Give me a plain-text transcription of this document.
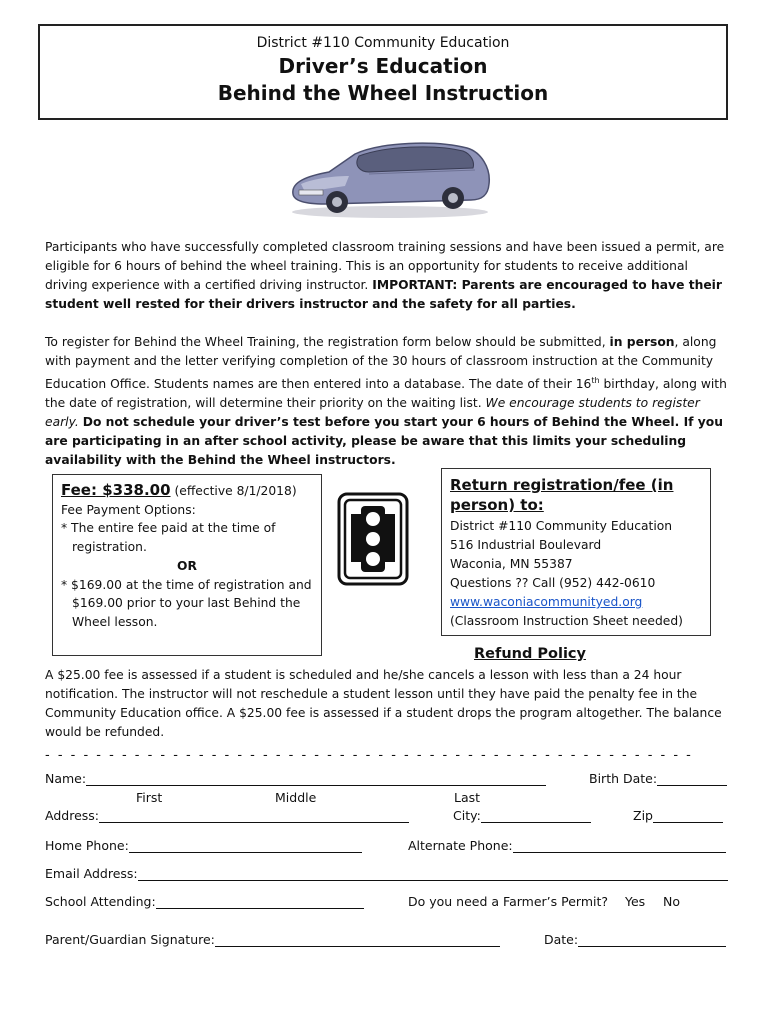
District #110 Community Education
Driver’s Education
Behind the Wheel Instruction
Participants who have successfully completed classroom training sessions and have been issued a permit, are eligible for 6 hours of behind the wheel training. This is an opportunity for students to receive additional driving experience with a certified driving instructor. IMPORTANT: Parents are encouraged to have their student well rested for their drivers instructor and the safety for all parties.
To register for Behind the Wheel Training, the registration form below should be submitted, in person, along with payment and the letter verifying completion of the 30 hours of classroom instruction at the Community Education Office. Students names are then entered into a database. The date of their 16th birthday, along with the date of registration, will determine their priority on the waiting list. We encourage students to register early. Do not schedule your driver’s test before you start your 6 hours of Behind the Wheel. If you are participating in an after school activity, please be aware that this limits your scheduling availability with the Behind the Wheel instructors.
Fee: $338.00 (effective 8/1/2018)
Fee Payment Options:
* The entire fee paid at the time of registration.
OR
* $169.00 at the time of registration and $169.00 prior to your last Behind the Wheel lesson.
Return registration/fee (in person) to:
District #110 Community Education
516 Industrial Boulevard
Waconia, MN 55387
Questions ?? Call (952) 442-0610
www.waconiacommunityed.org
(Classroom Instruction Sheet needed)
Refund Policy
A $25.00 fee is assessed if a student is scheduled and he/she cancels a lesson with less than a 24 hour notification. The instructor will not reschedule a student lesson until they have paid the penalty fee in the Community Education office. A $25.00 fee is assessed if a student drops the program altogether. The balance would be refunded.
- - - - - - - - - - - - - - - - - - - - - - - - - - - - - - - - - - - - - - - - - - - - - - - - - - -
Name:	Birth Date:
First	Middle	Last
Address:	City:	Zip
Home Phone:	Alternate Phone:
Email Address:
School Attending:	Do you need a Farmer’s Permit? Yes No
Parent/Guardian Signature:	Date:
